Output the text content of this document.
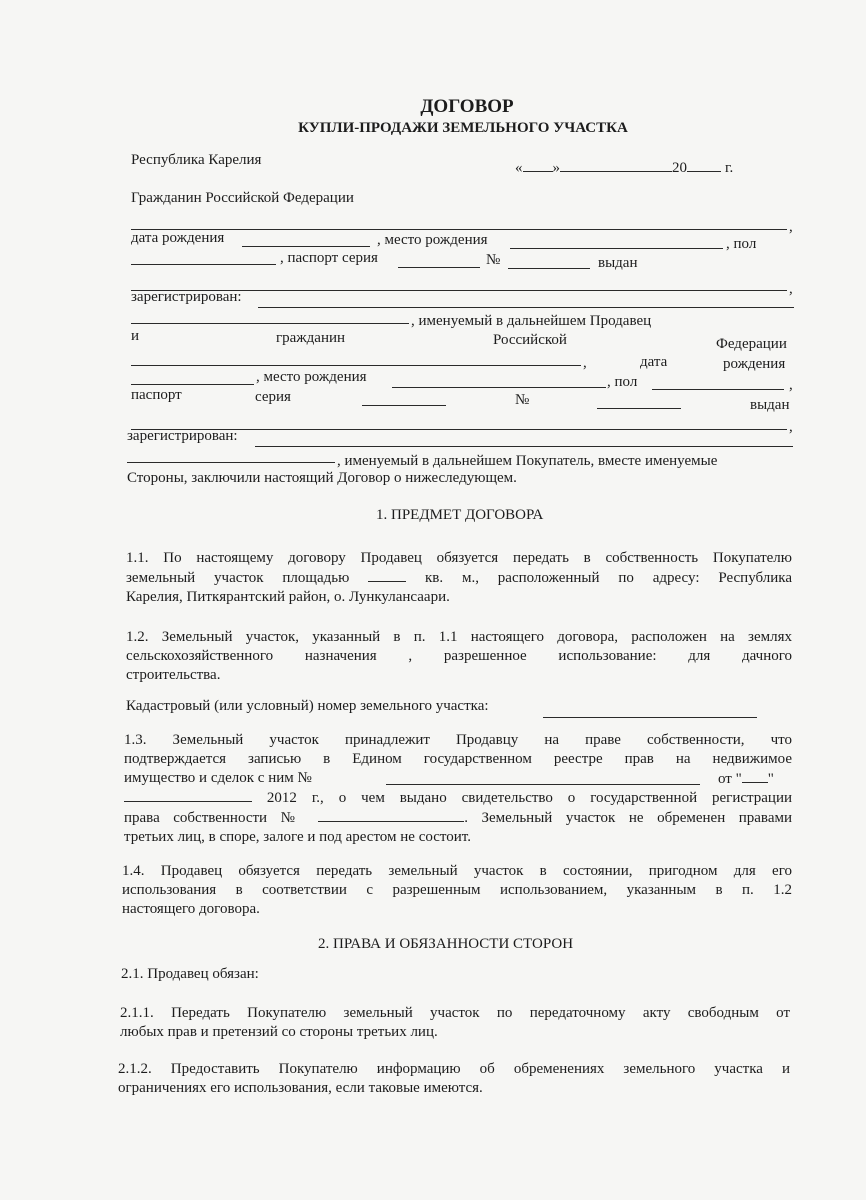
ДОГОВОР
КУПЛИ-ПРОДАЖИ ЗЕМЕЛЬНОГО УЧАСТКА
Республика Карелия	« »	20	г.
Гражданин Российской Федерации
,
дата рождения	, место рождения	, пол
, паспорт серия	№	выдан
,
зарегистрирован:
, именуемый в дальнейшем Продавец
и	гражданин	Российской	Федерации
,	дата	рождения
, место рождения	, пол	,
паспорт	серия	№	выдан
,
зарегистрирован:
, именуемый в дальнейшем Покупатель, вместе именуемые
Стороны, заключили настоящий Договор о нижеследующем.
1. ПРЕДМЕТ ДОГОВОРА
1.1. По настоящему договору Продавец обязуется передать в собственность Покупателю
земельный участок площадью	кв. м., расположенный по адресу: Республика
Карелия, Питкярантский район, о. Лункулансаари.
1.2. Земельный участок, указанный в п. 1.1 настоящего договора, расположен на землях
сельскохозяйственного назначения , разрешенное использование: для дачного
строительства.
Кадастровый (или условный) номер земельного участка:
1.3. Земельный участок принадлежит Продавцу на праве собственности, что
подтверждается записью в Едином государственном реестре прав на недвижимое
имущество и сделок с ним №	от " "
2012 г., о чем выдано свидетельство о государственной регистрации
права собственности №	. Земельный участок не обременен правами
третьих лиц, в споре, залоге и под арестом не состоит.
1.4. Продавец обязуется передать земельный участок в состоянии, пригодном для его
использования в соответствии с разрешенным использованием, указанным в п. 1.2
настоящего договора.
2. ПРАВА И ОБЯЗАННОСТИ СТОРОН
2.1. Продавец обязан:
2.1.1. Передать Покупателю земельный участок по передаточному акту свободным от
любых прав и претензий со стороны третьих лиц.
2.1.2. Предоставить Покупателю информацию об обременениях земельного участка и
ограничениях его использования, если таковые имеются.
